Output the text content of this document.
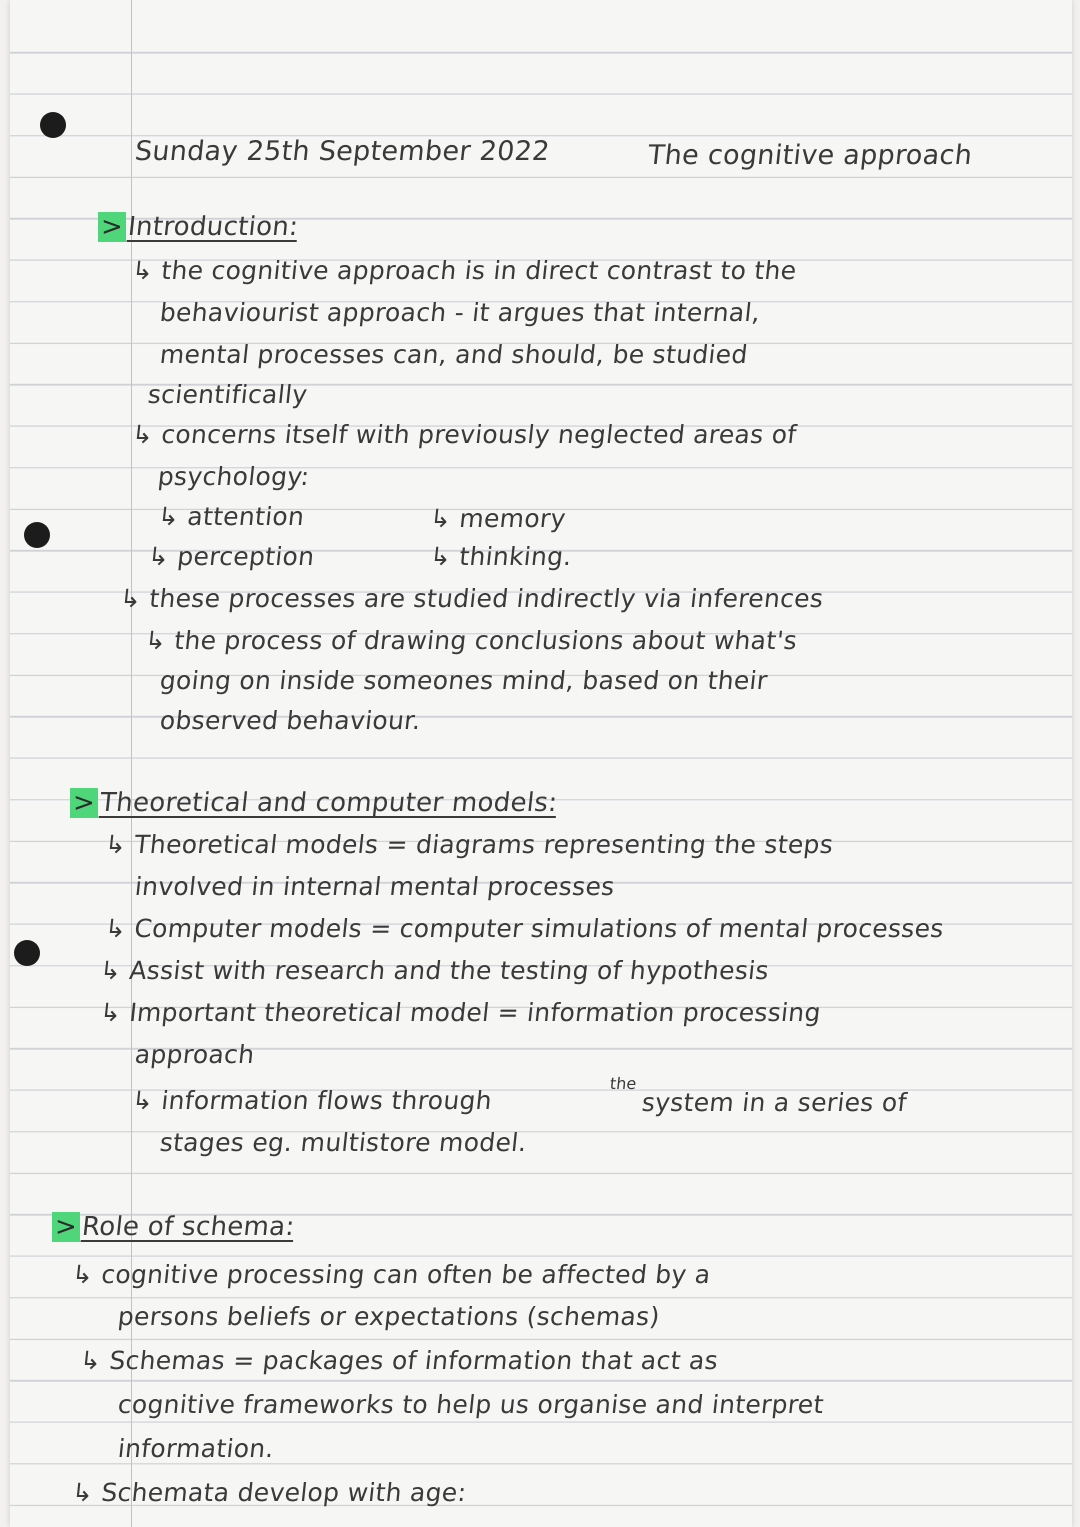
Sunday 25th September 2022	The cognitive approach
> Introduction:
↳ the cognitive approach is in direct contrast to the
behaviourist approach - it argues that internal,
mental processes can, and should, be studied
scientifically
↳ concerns itself with previously neglected areas of
psychology:
↳ attention	↳ memory
↳ perception	↳ thinking.
↳ these processes are studied indirectly via inferences
↳ the process of drawing conclusions about what's
going on inside someones mind, based on their
observed behaviour.
> Theoretical and computer models:
↳ Theoretical models = diagrams representing the steps
involved in internal mental processes
↳ Computer models = computer simulations of mental processes
↳ Assist with research and the testing of hypothesis
↳ Important theoretical model = information processing
approach
↳ information flows through
the
system in a series of
stages eg. multistore model.
> Role of schema:
↳ cognitive processing can often be affected by a
persons beliefs or expectations (schemas)
↳ Schemas = packages of information that act as
cognitive frameworks to help us organise and interpret
information.
↳ Schemata develop with age:
